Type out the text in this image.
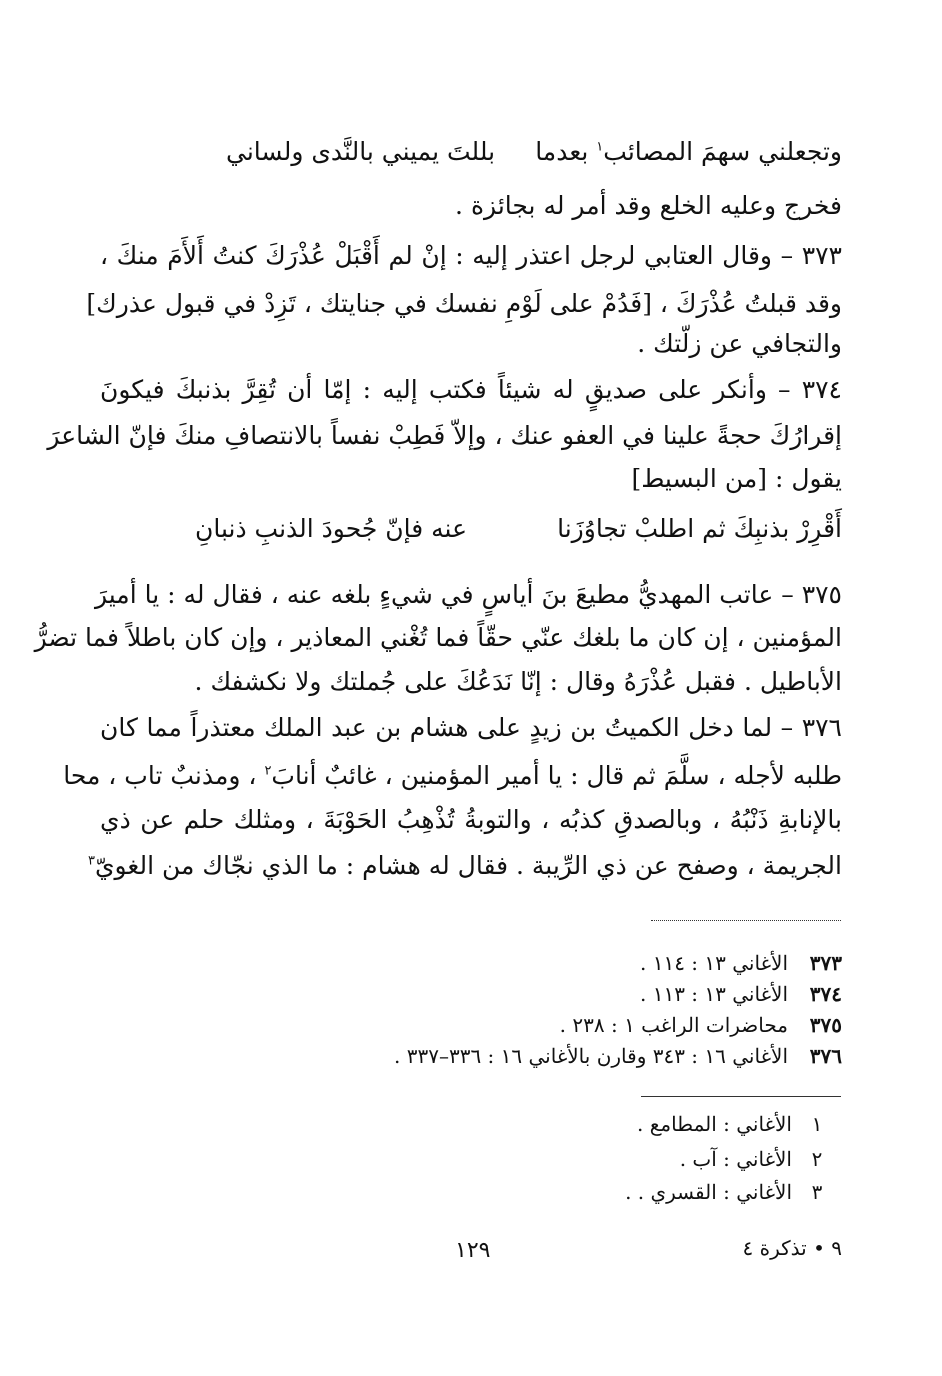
وتجعلني سهمَ المصائب$^١$ بعدما
بللتَ يميني بالنَّدى ولساني
فخرج وعليه الخلع وقد أمر له بجائزة .
٣٧٣ – وقال العتابي لرجل اعتذر إليه : إنْ لم أَقْبَلْ عُذْرَكَ كنتُ أَلأَمَ منكَ ،
وقد قبلتُ عُذْرَكَ ، [فَدُمْ على لَوْمِ نفسك في جنايتك ، تَزِدْ في قبول عذرك]
والتجافي عن زلّتك .
٣٧٤ – وأنكر على صديقٍ له شيئاً فكتب إليه : إمّا أن تُقِرَّ بذنبكَ فيكونَ
إقرارُكَ حجةً علينا في العفو عنك ، وإلاّ فَطِبْ نفساً بالانتصافِ منكَ فإنّ الشاعرَ
يقول : [من البسيط]
أَقْرِرْ بذنبِكَ ثم اطلبْ تجاوُزَنا
عنه فإنّ جُحودَ الذنبِ ذنبانِ
٣٧٥ – عاتب المهديُّ مطيعَ بنَ أياسٍ في شيءٍ بلغه عنه ، فقال له : يا أميرَ
المؤمنين ، إن كان ما بلغك عنّي حقّاً فما تُغْني المعاذير ، وإن كان باطلاً فما تضرُّ
الأباطيل . فقبل عُذْرَهُ وقال : إنّا نَدَعُكَ على جُملتك ولا نكشفك .
٣٧٦ – لما دخل الكميتُ بن زيدٍ على هشام بن عبد الملك معتذراً مما كان
طلبه لأجله ، سلَّمَ ثم قال : يا أمير المؤمنين ، غائبٌ أنابَ$^٢$ ، ومذنبٌ تاب ، محا
بالإنابةِ ذَنْبُهُ ، وبالصدقِ كذبُه ، والتوبةُ تُذْهِبُ الحَوْبَةَ ، ومثلك حلم عن ذي
الجريمة ، وصفح عن ذي الرِّيبة . فقال له هشام : ما الذي نجّاك من الغويّ$^٣$
٣٧٣الأغاني ١٣ : ١١٤ .
٣٧٤الأغاني ١٣ : ١١٣ .
٣٧٥محاضرات الراغب ١ : ٢٣٨ .
٣٧٦الأغاني ١٦ : ٣٤٣ وقارن بالأغاني ١٦ : ٣٣٦–٣٣٧ .
١الأغاني : المطامع .
٢الأغاني : آب .
٣الأغاني : القسري . .
٩ • تذكرة ٤
١٢٩
